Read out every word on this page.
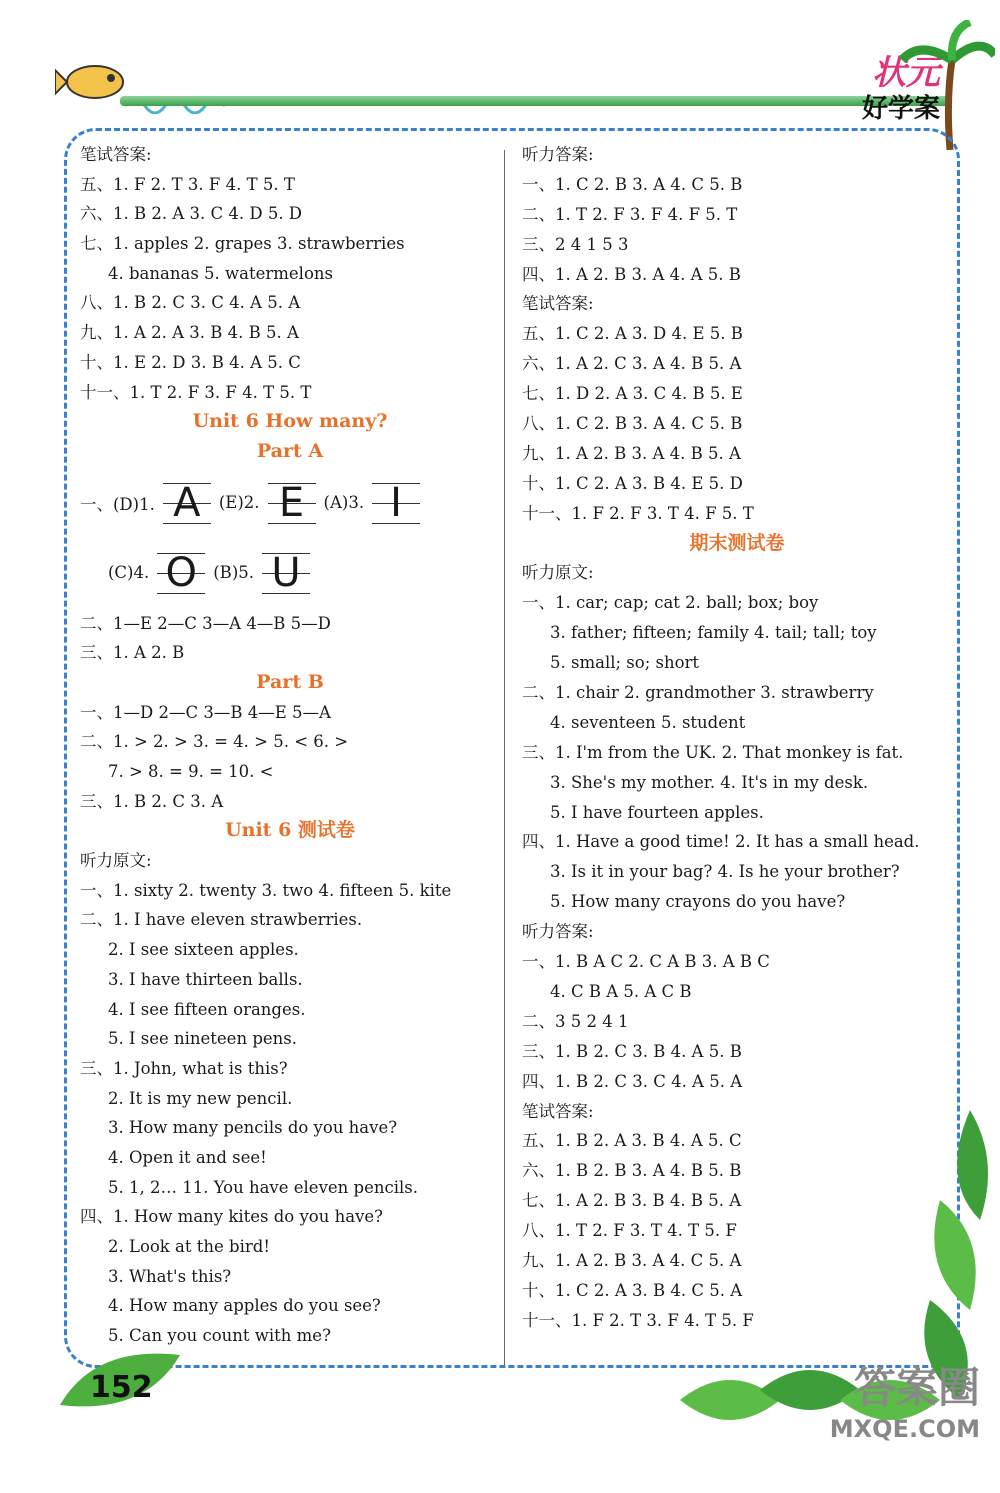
状元
好学案
笔试答案:
五、1. F 2. T 3. F 4. T 5. T
六、1. B 2. A 3. C 4. D 5. D
七、1. apples 2. grapes 3. strawberries
4. bananas 5. watermelons
八、1. B 2. C 3. C 4. A 5. A
九、1. A 2. A 3. B 4. B 5. A
十、1. E 2. D 3. B 4. A 5. C
十一、1. T 2. F 3. F 4. T 5. T
Unit 6 How many?
Part A
一、(D)1. A	(E)2. E	(A)3. I
(C)4. O (B)5. U
二、1—E 2—C 3—A 4—B 5—D
三、1. A 2. B
Part B
一、1—D 2—C 3—B 4—E 5—A
二、1. > 2. > 3. = 4. > 5. < 6. >
7. > 8. = 9. = 10. <
三、1. B 2. C 3. A
Unit 6 测试卷
听力原文:
一、1. sixty 2. twenty 3. two 4. fifteen 5. kite
二、1. I have eleven strawberries.
2. I see sixteen apples.
3. I have thirteen balls.
4. I see fifteen oranges.
5. I see nineteen pens.
三、1. John, what is this?
2. It is my new pencil.
3. How many pencils do you have?
4. Open it and see!
5. 1, 2… 11. You have eleven pencils.
四、1. How many kites do you have?
2. Look at the bird!
3. What's this?
4. How many apples do you see?
5. Can you count with me?
听力答案:
一、1. C 2. B 3. A 4. C 5. B
二、1. T 2. F 3. F 4. F 5. T
三、2 4 1 5 3
四、1. A 2. B 3. A 4. A 5. B
笔试答案:
五、1. C 2. A 3. D 4. E 5. B
六、1. A 2. C 3. A 4. B 5. A
七、1. D 2. A 3. C 4. B 5. E
八、1. C 2. B 3. A 4. C 5. B
九、1. A 2. B 3. A 4. B 5. A
十、1. C 2. A 3. B 4. E 5. D
十一、1. F 2. F 3. T 4. F 5. T
期末测试卷
听力原文:
一、1. car; cap; cat 2. ball; box; boy
3. father; fifteen; family 4. tail; tall; toy
5. small; so; short
二、1. chair 2. grandmother 3. strawberry
4. seventeen 5. student
三、1. I'm from the UK. 2. That monkey is fat.
3. She's my mother. 4. It's in my desk.
5. I have fourteen apples.
四、1. Have a good time! 2. It has a small head.
3. Is it in your bag? 4. Is he your brother?
5. How many crayons do you have?
听力答案:
一、1. B A C 2. C A B 3. A B C
4. C B A 5. A C B
二、3 5 2 4 1
三、1. B 2. C 3. B 4. A 5. B
四、1. B 2. C 3. C 4. A 5. A
笔试答案:
五、1. B 2. A 3. B 4. A 5. C
六、1. B 2. B 3. A 4. B 5. B
七、1. A 2. B 3. B 4. B 5. A
八、1. T 2. F 3. T 4. T 5. F
九、1. A 2. B 3. A 4. C 5. A
十、1. C 2. A 3. B 4. C 5. A
十一、1. F 2. T 3. F 4. T 5. F
152	答案圈
MXQE.COM
